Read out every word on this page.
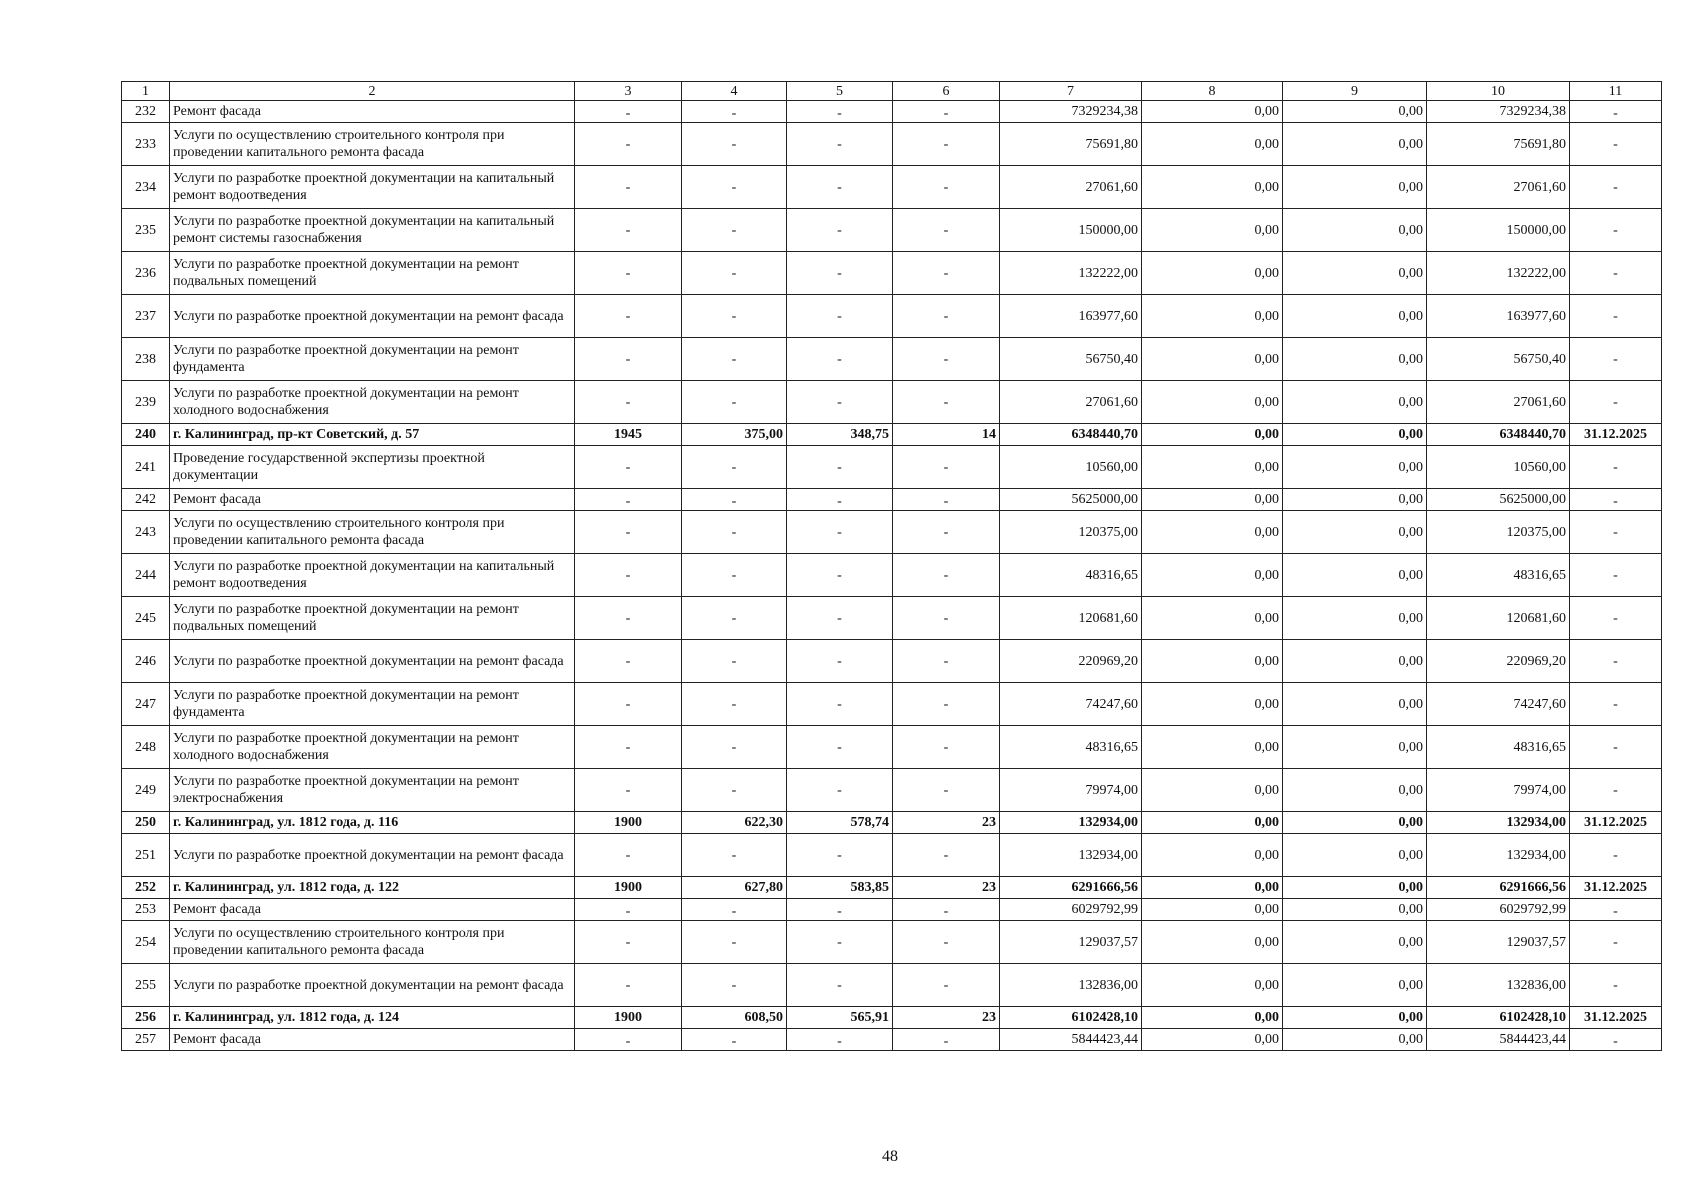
1	2	3	4	5	6	7	8	9	10	11
232	Ремонт фасада	-	-	-	-	7329234,38	0,00	0,00	7329234,38	-
233	Услуги по осуществлению строительного контроля при проведении капитального ремонта фасада	-	-	-	-	75691,80	0,00	0,00	75691,80	-
234	Услуги по разработке проектной документации на капитальный ремонт водоотведения	-	-	-	-	27061,60	0,00	0,00	27061,60	-
235	Услуги по разработке проектной документации на капитальный ремонт системы газоснабжения	-	-	-	-	150000,00	0,00	0,00	150000,00	-
236	Услуги по разработке проектной документации на ремонт подвальных помещений	-	-	-	-	132222,00	0,00	0,00	132222,00	-
237	Услуги по разработке проектной документации на ремонт фасада	-	-	-	-	163977,60	0,00	0,00	163977,60	-
238	Услуги по разработке проектной документации на ремонт фундамента	-	-	-	-	56750,40	0,00	0,00	56750,40	-
239	Услуги по разработке проектной документации на ремонт холодного водоснабжения	-	-	-	-	27061,60	0,00	0,00	27061,60	-
240	г. Калининград, пр-кт Советский, д. 57	1945	375,00	348,75	14	6348440,70	0,00	0,00	6348440,70	31.12.2025
241	Проведение государственной экспертизы проектной документации	-	-	-	-	10560,00	0,00	0,00	10560,00	-
242	Ремонт фасада	-	-	-	-	5625000,00	0,00	0,00	5625000,00	-
243	Услуги по осуществлению строительного контроля при проведении капитального ремонта фасада	-	-	-	-	120375,00	0,00	0,00	120375,00	-
244	Услуги по разработке проектной документации на капитальный ремонт водоотведения	-	-	-	-	48316,65	0,00	0,00	48316,65	-
245	Услуги по разработке проектной документации на ремонт подвальных помещений	-	-	-	-	120681,60	0,00	0,00	120681,60	-
246	Услуги по разработке проектной документации на ремонт фасада	-	-	-	-	220969,20	0,00	0,00	220969,20	-
247	Услуги по разработке проектной документации на ремонт фундамента	-	-	-	-	74247,60	0,00	0,00	74247,60	-
248	Услуги по разработке проектной документации на ремонт холодного водоснабжения	-	-	-	-	48316,65	0,00	0,00	48316,65	-
249	Услуги по разработке проектной документации на ремонт электроснабжения	-	-	-	-	79974,00	0,00	0,00	79974,00	-
250	г. Калининград, ул. 1812 года, д. 116	1900	622,30	578,74	23	132934,00	0,00	0,00	132934,00	31.12.2025
251	Услуги по разработке проектной документации на ремонт фасада	-	-	-	-	132934,00	0,00	0,00	132934,00	-
252	г. Калининград, ул. 1812 года, д. 122	1900	627,80	583,85	23	6291666,56	0,00	0,00	6291666,56	31.12.2025
253	Ремонт фасада	-	-	-	-	6029792,99	0,00	0,00	6029792,99	-
254	Услуги по осуществлению строительного контроля при проведении капитального ремонта фасада	-	-	-	-	129037,57	0,00	0,00	129037,57	-
255	Услуги по разработке проектной документации на ремонт фасада	-	-	-	-	132836,00	0,00	0,00	132836,00	-
256	г. Калининград, ул. 1812 года, д. 124	1900	608,50	565,91	23	6102428,10	0,00	0,00	6102428,10	31.12.2025
257	Ремонт фасада	-	-	-	-	5844423,44	0,00	0,00	5844423,44	-
48
